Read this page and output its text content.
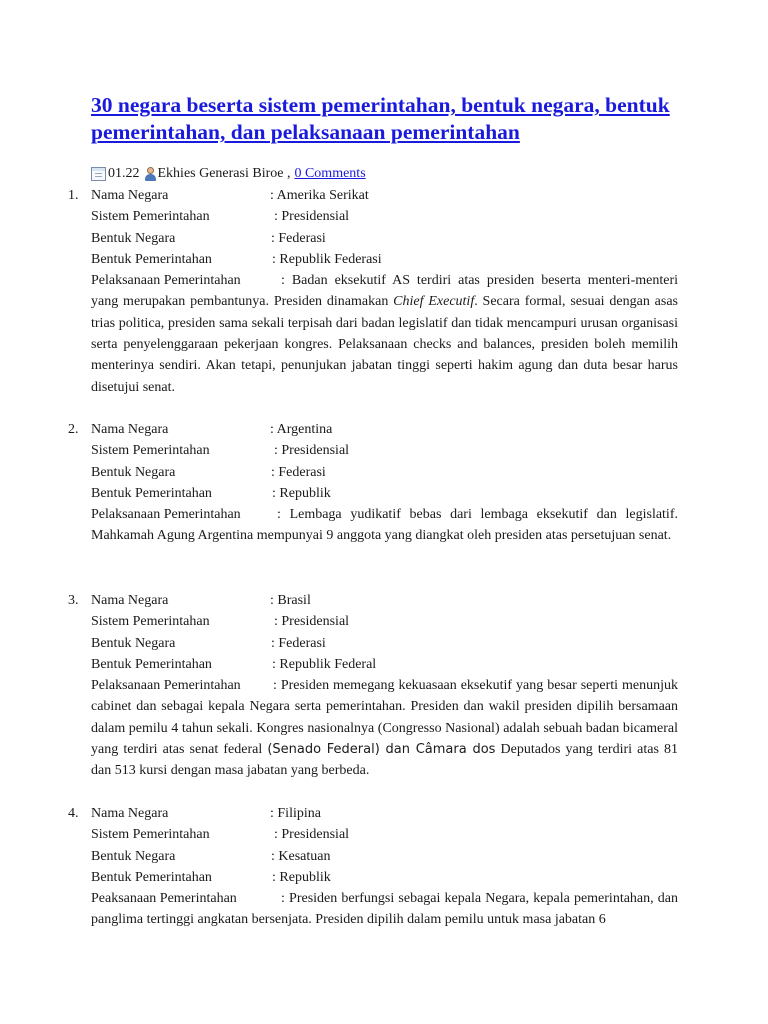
30 negara beserta sistem pemerintahan, bentuk negara, bentuk pemerintahan, dan pelaksanaan pemerintahan
01.22 Ekhies Generasi Biroe , 0 Comments
1. Nama Negara	: Amerika Serikat
Sistem Pemerintahan	: Presidensial
Bentuk Negara	: Federasi
Bentuk Pemerintahan	: Republik Federasi
Pelaksanaan Pemerintahan	: Badan eksekutif AS terdiri atas presiden beserta menteri-menteri yang merupakan pembantunya. Presiden dinamakan Chief Executif. Secara formal, sesuai dengan asas trias politica, presiden sama sekali terpisah dari badan legislatif dan tidak mencampuri urusan organisasi serta penyelenggaraan pekerjaan kongres. Pelaksanaan checks and balances, presiden boleh memilih menterinya sendiri. Akan tetapi, penunjukan jabatan tinggi seperti hakim agung dan duta besar harus disetujui senat.
2. Nama Negara	: Argentina
Sistem Pemerintahan	: Presidensial
Bentuk Negara	: Federasi
Bentuk Pemerintahan	: Republik
Pelaksanaan Pemerintahan	: Lembaga yudikatif bebas dari lembaga eksekutif dan legislatif. Mahkamah Agung Argentina mempunyai 9 anggota yang diangkat oleh presiden atas persetujuan senat.
3. Nama Negara	: Brasil
Sistem Pemerintahan	: Presidensial
Bentuk Negara	: Federasi
Bentuk Pemerintahan	: Republik Federal
Pelaksanaan Pemerintahan : Presiden memegang kekuasaan eksekutif yang besar seperti menunjuk cabinet dan sebagai kepala Negara serta pemerintahan. Presiden dan wakil presiden dipilih bersamaan dalam pemilu 4 tahun sekali. Kongres nasionalnya (Congresso Nasional) adalah sebuah badan bicameral yang terdiri atas senat federal (Senado Federal) dan Câmara dos Deputados yang terdiri atas 81 dan 513 kursi dengan masa jabatan yang berbeda.
4. Nama Negara	: Filipina
Sistem Pemerintahan	: Presidensial
Bentuk Negara	: Kesatuan
Bentuk Pemerintahan	: Republik
Peaksanaan Pemerintahan	: Presiden berfungsi sebagai kepala Negara, kepala pemerintahan, dan panglima tertinggi angkatan bersenjata. Presiden dipilih dalam pemilu untuk masa jabatan 6
